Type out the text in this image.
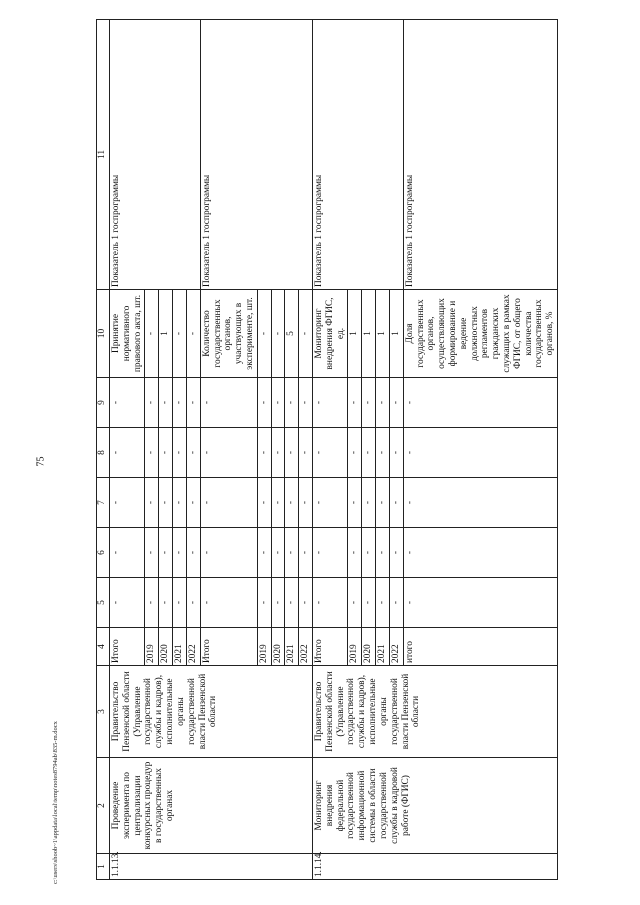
75
1	2	3	4	5	6	7	8	9	10	11
1.1.13.	Проведение эксперимента по централизации конкурсных процедур в государственных органах	Правительство Пензенской области (Управление государственной службы и кадров), исполнительные органы государственной власти Пензенской области	Итого	-	-	-	-	-	Принятие нормативного правового акта, шт.	Показатель 1 госпрограммы
			2019	-	-	-	-	-	-	
			2020	-	-	-	-	-	1	
			2021	-	-	-	-	-	-	
			2022	-	-	-	-	-	-	
			Итого	-	-	-	-	-	Количество государственных органов, участвующих в эксперименте, шт.	Показатель 1 госпрограммы
			2019	-	-	-	-	-	-	
			2020	-	-	-	-	-	-	
			2021	-	-	-	-	-	5	
			2022	-	-	-	-	-	-	
1.1.14.	Мониторинг внедрения федеральной государственной информационной системы в области государственной службы в кадровой работе (ФГИС)	Правительство Пензенской области (Управление государственной службы и кадров), исполнительные органы государственной власти Пензенской области	Итого	-	-	-	-	-	Мониторинг внедрения ФГИС, ед.	Показатель 1 госпрограммы
			2019	-	-	-	-	-	1	
			2020	-	-	-	-	-	1	
			2021	-	-	-	-	-	1	
			2022	-	-	-	-	-	1	
			итого	-	-	-	-	-	Доля государственных органов, осуществляющих формирование и ведение должностных регламентов гражданских служащих в рамках ФГИС, от общего количества государственных органов, %	Показатель 1 госпрограммы
c:\users\shoob~1\appdata\local\temp\notes8794ab\835-m.docx
